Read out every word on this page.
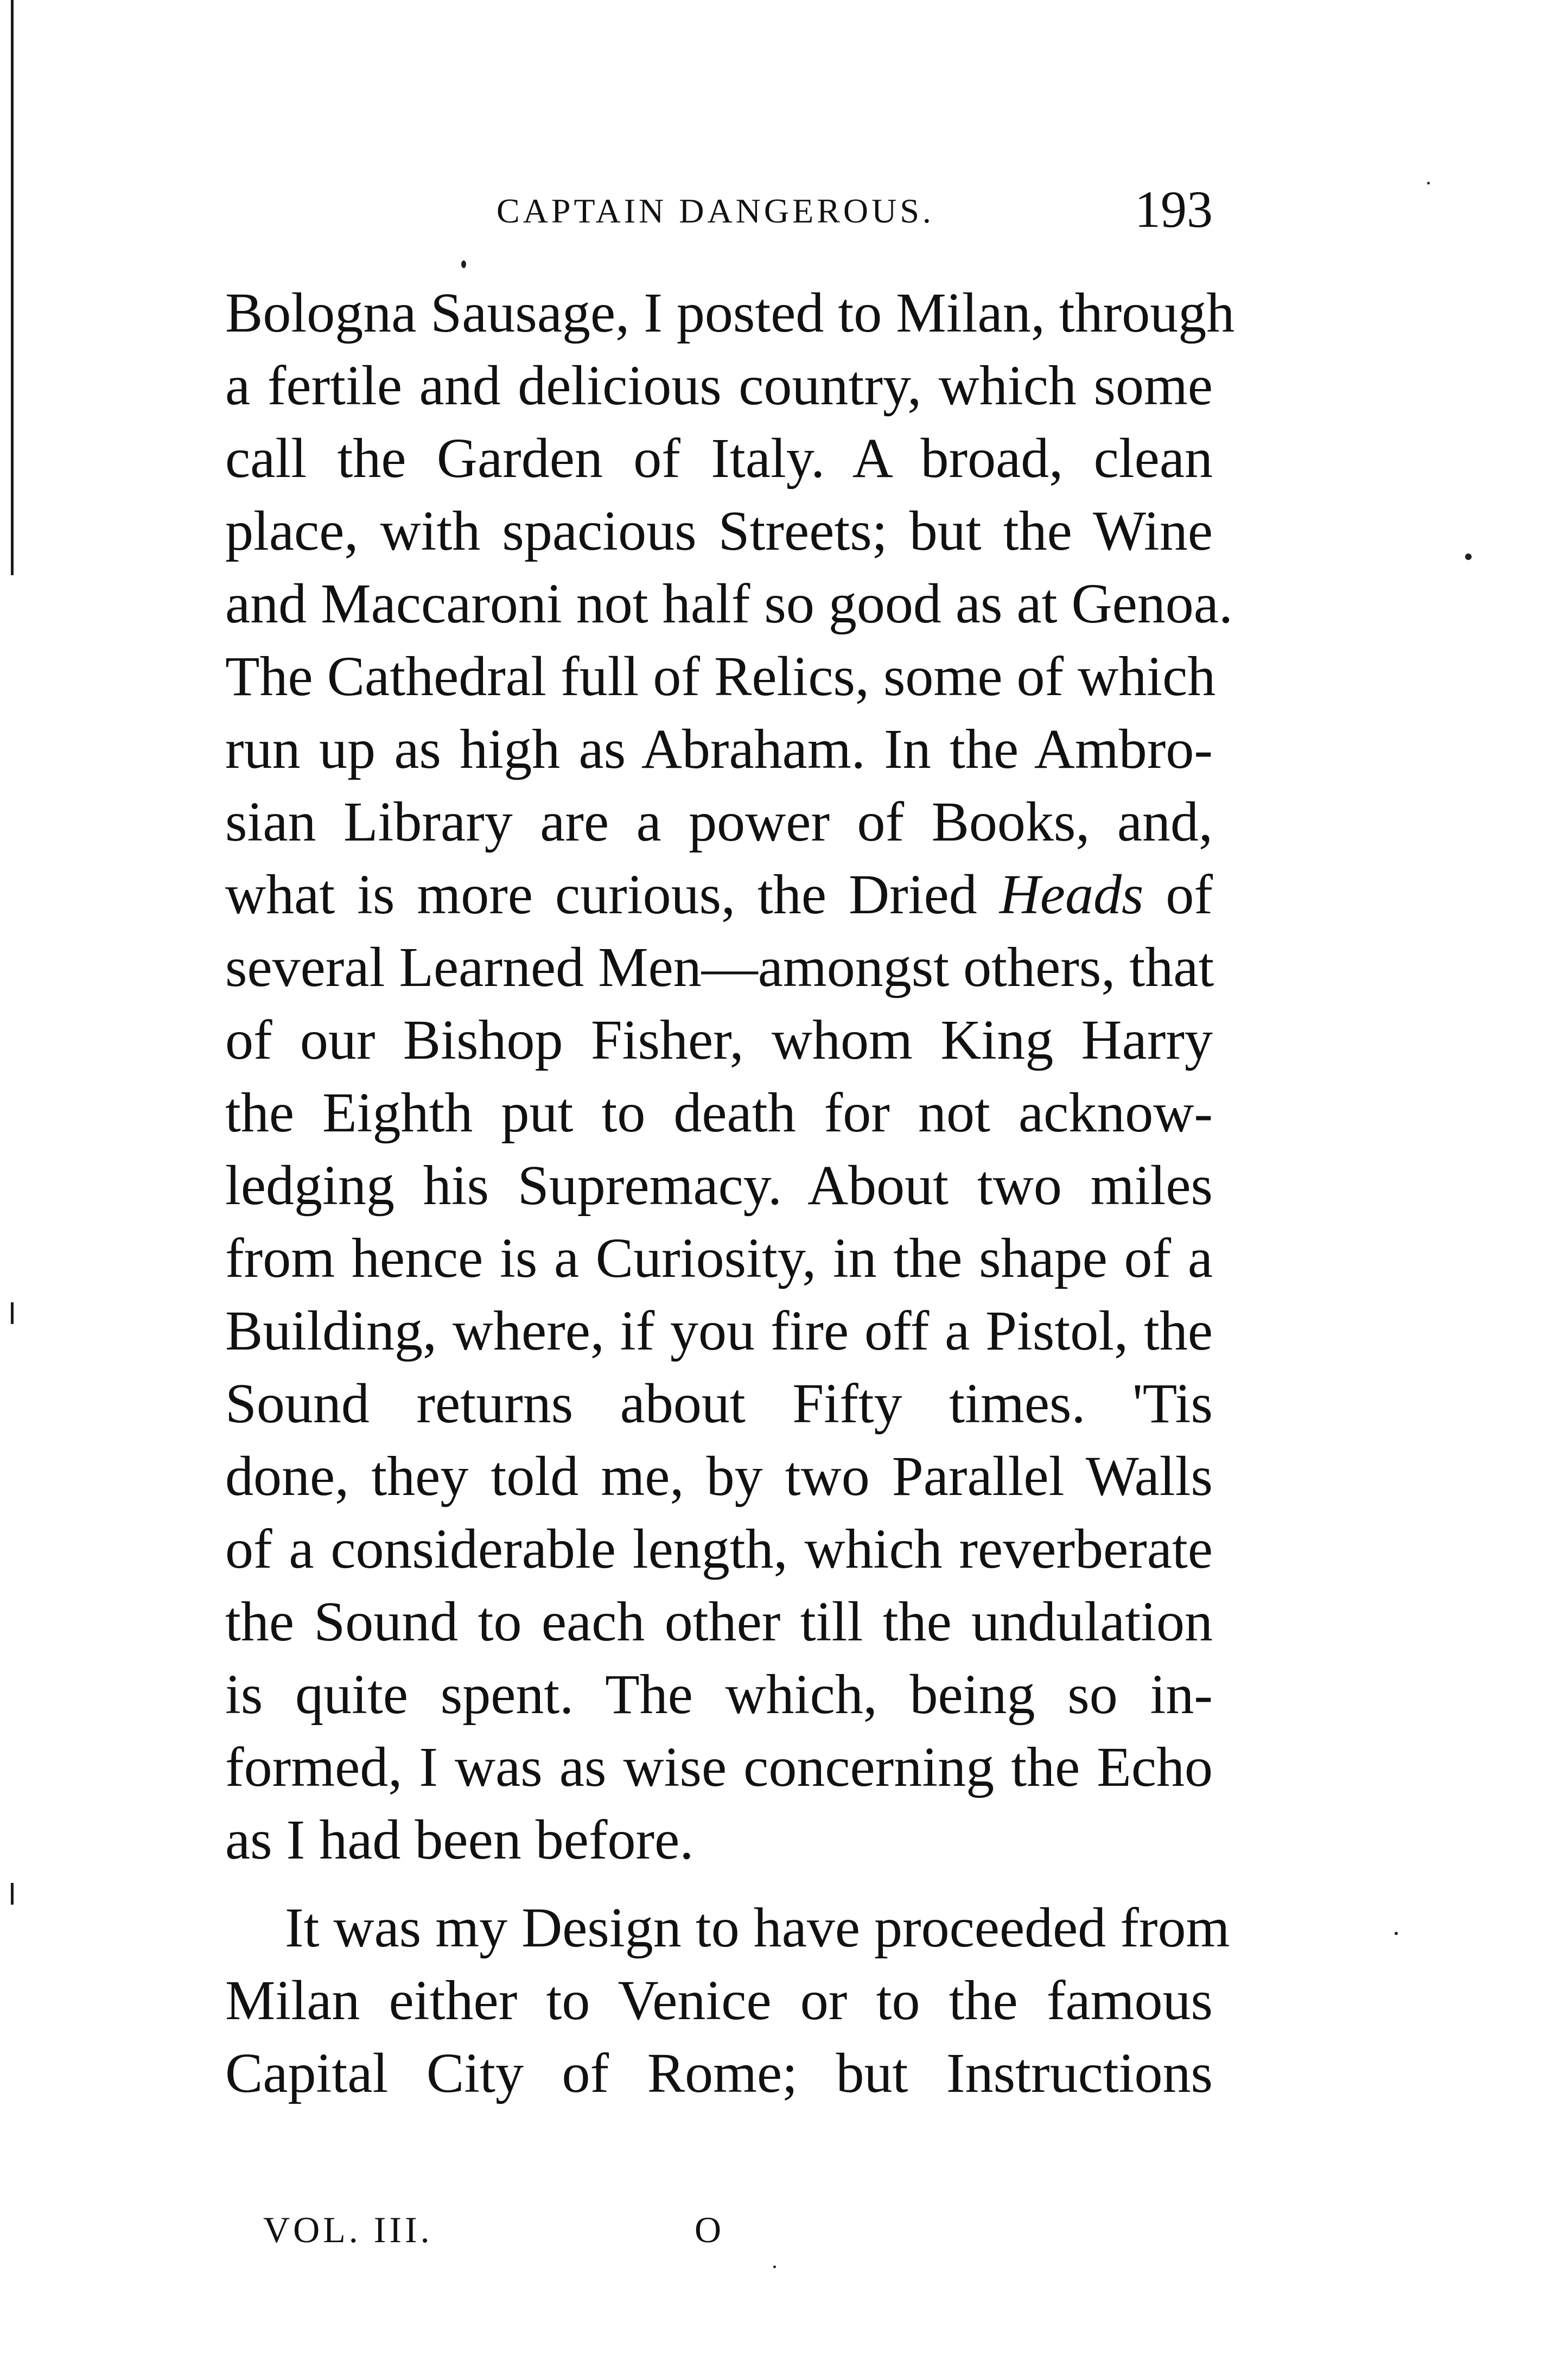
CAPTAIN DANGEROUS.	193
Bologna Sausage, I posted to Milan, through
a fertile and delicious country, which some
call the Garden of Italy. A broad, clean
place, with spacious Streets; but the Wine
and Maccaroni not half so good as at Genoa.
The Cathedral full of Relics, some of which
run up as high as Abraham. In the Ambro-
sian Library are a power of Books, and,
what is more curious, the Dried Heads of
several Learned Men—amongst others, that
of our Bishop Fisher, whom King Harry
the Eighth put to death for not acknow-
ledging his Supremacy. About two miles
from hence is a Curiosity, in the shape of a
Building, where, if you fire off a Pistol, the
Sound returns about Fifty times. 'Tis
done, they told me, by two Parallel Walls
of a considerable length, which reverberate
the Sound to each other till the undulation
is quite spent. The which, being so in-
formed, I was as wise concerning the Echo
as I had been before.
It was my Design to have proceeded from
Milan either to Venice or to the famous
Capital City of Rome; but Instructions
VOL. III.	O
